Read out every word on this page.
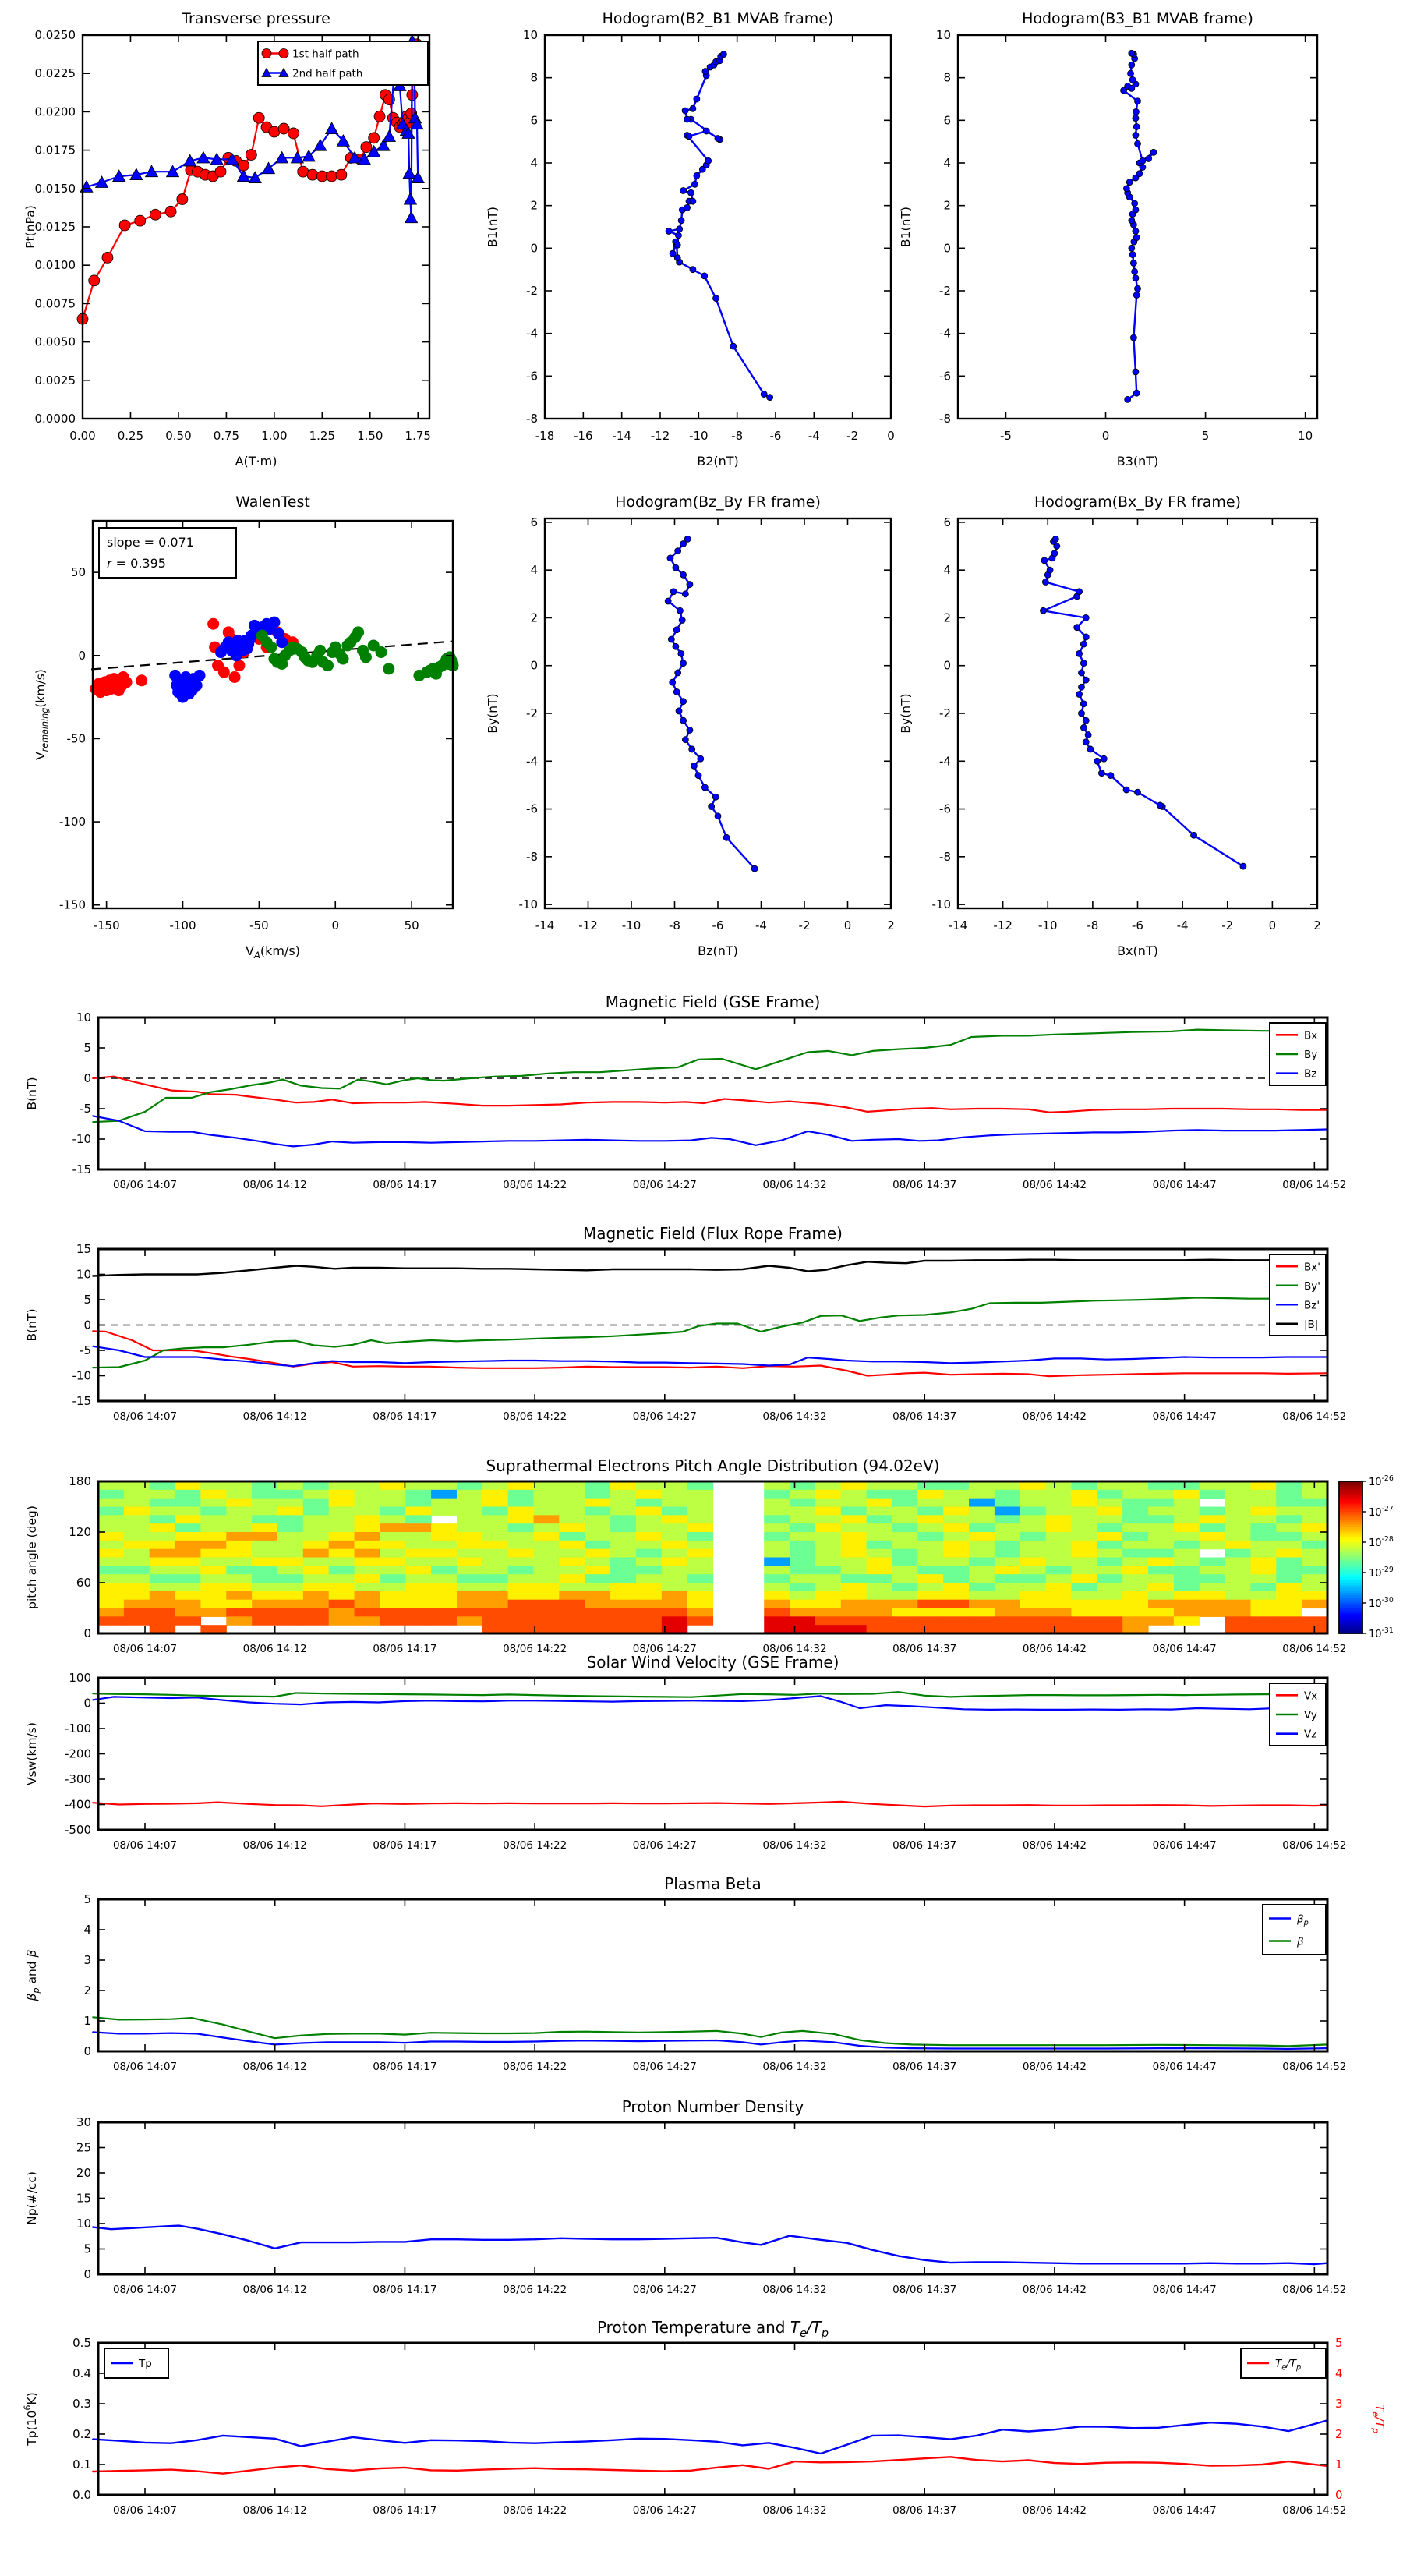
0.00 0.25 0.50 0.75 1.00 1.25 1.50 1.75
0.0000
0.0025
0.0050
0.0075
0.0100
0.0125
0.0150
0.0175
0.0200
0.0225
0.0250
A(T·m)
Pt(nPa)
Transverse pressure
1st half path
2nd half path
-18 -16 -14 -12 -10 -8 -6 -4 -2 0
-8
-6
-4
-2
0
2
4
6
8
10
B2(nT)
B1(nT)
Hodogram(B2_B1 MVAB frame)
-5	0	5	10
-8
-6
-4
-2
0
2
4
6
8
10
B3(nT)
B1(nT)
Hodogram(B3_B1 MVAB frame)
-150	-100	-50	0	50
-150
-100
-50
0
50
$V_A(km/s)$
$V_{remaining}(km/s)$
WalenTest
slope = 0.071
r = 0.395
-14 -12 -10 -8	-6	-4	-2	0	2
-10
-8
-6
-4
-2
0
2
4
6
Bz(nT)
By(nT)
Hodogram(Bz_By FR frame)
-14 -12 -10	-8	-6	-4	-2	0	2
-10
-8
-6
-4
-2
0
2
4
6
Bx(nT)
By(nT)
Hodogram(Bx_By FR frame)
08/06 14:07	08/06 14:12	08/06 14:17	08/06 14:22	08/06 14:27	08/06 14:32	08/06 14:37	08/06 14:42	08/06 14:47	08/06 14:52
-15
-10
-5
0
5
10
B(nT)
Magnetic Field (GSE Frame)
Bx
By
Bz
08/06 14:07	08/06 14:12	08/06 14:17	08/06 14:22	08/06 14:27	08/06 14:32	08/06 14:37	08/06 14:42	08/06 14:47	08/06 14:52
-15
-10
-5
0
5
10
15
B(nT)
Magnetic Field (Flux Rope Frame)
Bx'
By'
Bz'
|B|
08/06 14:07	08/06 14:12	08/06 14:17	08/06 14:22	08/06 14:27	08/06 14:32	08/06 14:37	08/06 14:42	08/06 14:47	08/06 14:52
0
60
120
180
pitch angle (deg)
Suprathermal Electrons Pitch Angle Distribution (94.02eV)
$10^{-26}$
$10^{-27}$
$10^{-28}$
$10^{-29}$
$10^{-30}$
$10^{-31}$
08/06 14:07	08/06 14:12	08/06 14:17	08/06 14:22	08/06 14:27	08/06 14:32	08/06 14:37	08/06 14:42	08/06 14:47	08/06 14:52
-500
-400
-300
-200
-100
0
100
Vsw(km/s)
Solar Wind Velocity (GSE Frame)
Vx
Vy
Vz
08/06 14:07	08/06 14:12	08/06 14:17	08/06 14:22	08/06 14:27	08/06 14:32	08/06 14:37	08/06 14:42	08/06 14:47	08/06 14:52
0
1
2
3
4
5
$\beta_p$ and β
Plasma Beta
$\beta_p$
β
08/06 14:07	08/06 14:12	08/06 14:17	08/06 14:22	08/06 14:27	08/06 14:32	08/06 14:37	08/06 14:42	08/06 14:47	08/06 14:52
0
5
10
15
20
25
30
Np(#/cc)
Proton Number Density
08/06 14:07	08/06 14:12	08/06 14:17	08/06 14:22	08/06 14:27	08/06 14:32	08/06 14:37	08/06 14:42	08/06 14:47	08/06 14:52
0.0
0.1
0.2
0.3
0.4
0.5
0
1
2
3
4
5
$T_e/T_p$
$Tp(10^6K)$
Proton Temperature and $T_e/T_p$
Tp	$T_e/T_p$
